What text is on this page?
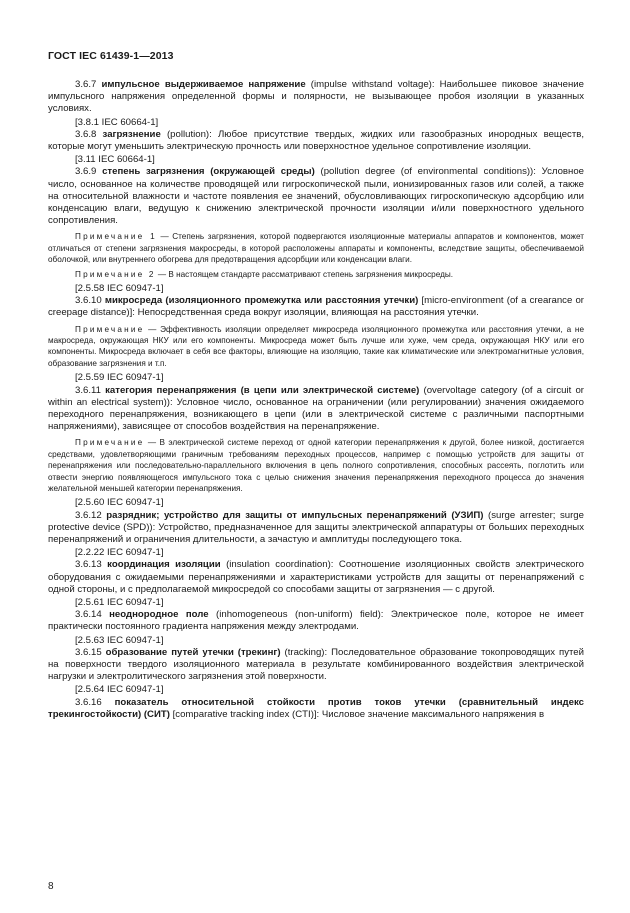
ГОСТ IEC 61439-1—2013

3.6.7 импульсное выдерживаемое напряжение (impulse withstand voltage): Наибольшее пиковое значение импульсного напряжения определенной формы и полярности, не вызывающее пробоя изоляции в указанных условиях.

[3.8.1 IEC 60664-1]

3.6.8 загрязнение (pollution): Любое присутствие твердых, жидких или газообразных инородных веществ, которые могут уменьшить электрическую прочность или поверхностное удельное сопротивление изоляции.

[3.11 IEC 60664-1]

3.6.9 степень загрязнения (окружающей среды) (pollution degree (of environmental conditions)): Условное число, основанное на количестве проводящей или гигроскопической пыли, ионизированных газов или солей, а также на относительной влажности и частоте появления ее значений, обусловливающих гигроскопическую адсорбцию или конденсацию влаги, ведущую к снижению электрической прочности изоляции и/или поверхностного удельного сопротивления.

Примечание 1 — Степень загрязнения, которой подвергаются изоляционные материалы аппаратов и компонентов, может отличаться от степени загрязнения макросреды, в которой расположены аппараты и компоненты, вследствие защиты, обеспечиваемой оболочкой, или внутреннего обогрева для предотвращения адсорбции или конденсации влаги.

Примечание 2 — В настоящем стандарте рассматривают степень загрязнения микросреды.

[2.5.58 IEC 60947-1]

3.6.10 микросреда (изоляционного промежутка или расстояния утечки) [micro-environment (of a creаrance or creepage distance)]: Непосредственная среда вокруг изоляции, влияющая на расстояния утечки.

Примечание — Эффективность изоляции определяет микросреда изоляционного промежутка или расстояния утечки, а не макросреда, окружающая НКУ или его компоненты. Микросреда может быть лучше или хуже, чем среда, окружающая НКУ или его компоненты. Микросреда включает в себя все факторы, влияющие на изоляцию, такие как климатические или электромагнитные условия, образование загрязнения и т.п.

[2.5.59 IEC 60947-1]

3.6.11 категория перенапряжения (в цепи или электрической системе) (overvoltage category (of a circuit or within an electrical system)): Условное число, основанное на ограничении (или регулировании) значения ожидаемого переходного перенапряжения, возникающего в цепи (или в электрической системе с различными паспортными напряжениями), зависящее от способов воздействия на перенапряжение.

Примечание — В электрической системе переход от одной категории перенапряжения к другой, более низкой, достигается средствами, удовлетворяющими граничным требованиям переходных процессов, например с помощью устройств для защиты от перенапряжения или последовательно-параллельного включения в цепь полного сопротивления, способных рассеять, поглотить или отвести энергию появляющегося импульсного тока с целью снижения значения перенапряжения переходного процесса до значения желательной меньшей категории перенапряжения.

[2.5.60 IEC 60947-1]

3.6.12 разрядник; устройство для защиты от импульсных перенапряжений (УЗИП) (surge arrester; surge protective device (SPD)): Устройство, предназначенное для защиты электрической аппаратуры от больших переходных перенапряжений и ограничения длительности, а зачастую и амплитуды последующего тока.

[2.2.22 IEC 60947-1]

3.6.13 координация изоляции (insulation coordination): Соотношение изоляционных свойств электрического оборудования с ожидаемыми перенапряжениями и характеристиками устройств для защиты от перенапряжений с одной стороны, и с предполагаемой микросредой со способами защиты от загрязнения — с другой.

[2.5.61 IEC 60947-1]

3.6.14 неоднородное поле (inhomogeneous (non-uniform) field): Электрическое поле, которое не имеет практически постоянного градиента напряжения между электродами.

[2.5.63 IEC 60947-1]

3.6.15 образование путей утечки (трекинг) (tracking): Последовательное образование токопроводящих путей на поверхности твердого изоляционного материала в результате комбинированного воздействия электрической нагрузки и электролитического загрязнения этой поверхности.

[2.5.64 IEC 60947-1]

3.6.16 показатель относительной стойкости против токов утечки (сравнительный индекс трекингостойкости) (СИТ) [comparative tracking index (CTI)]: Числовое значение максимального напряжения в

8
